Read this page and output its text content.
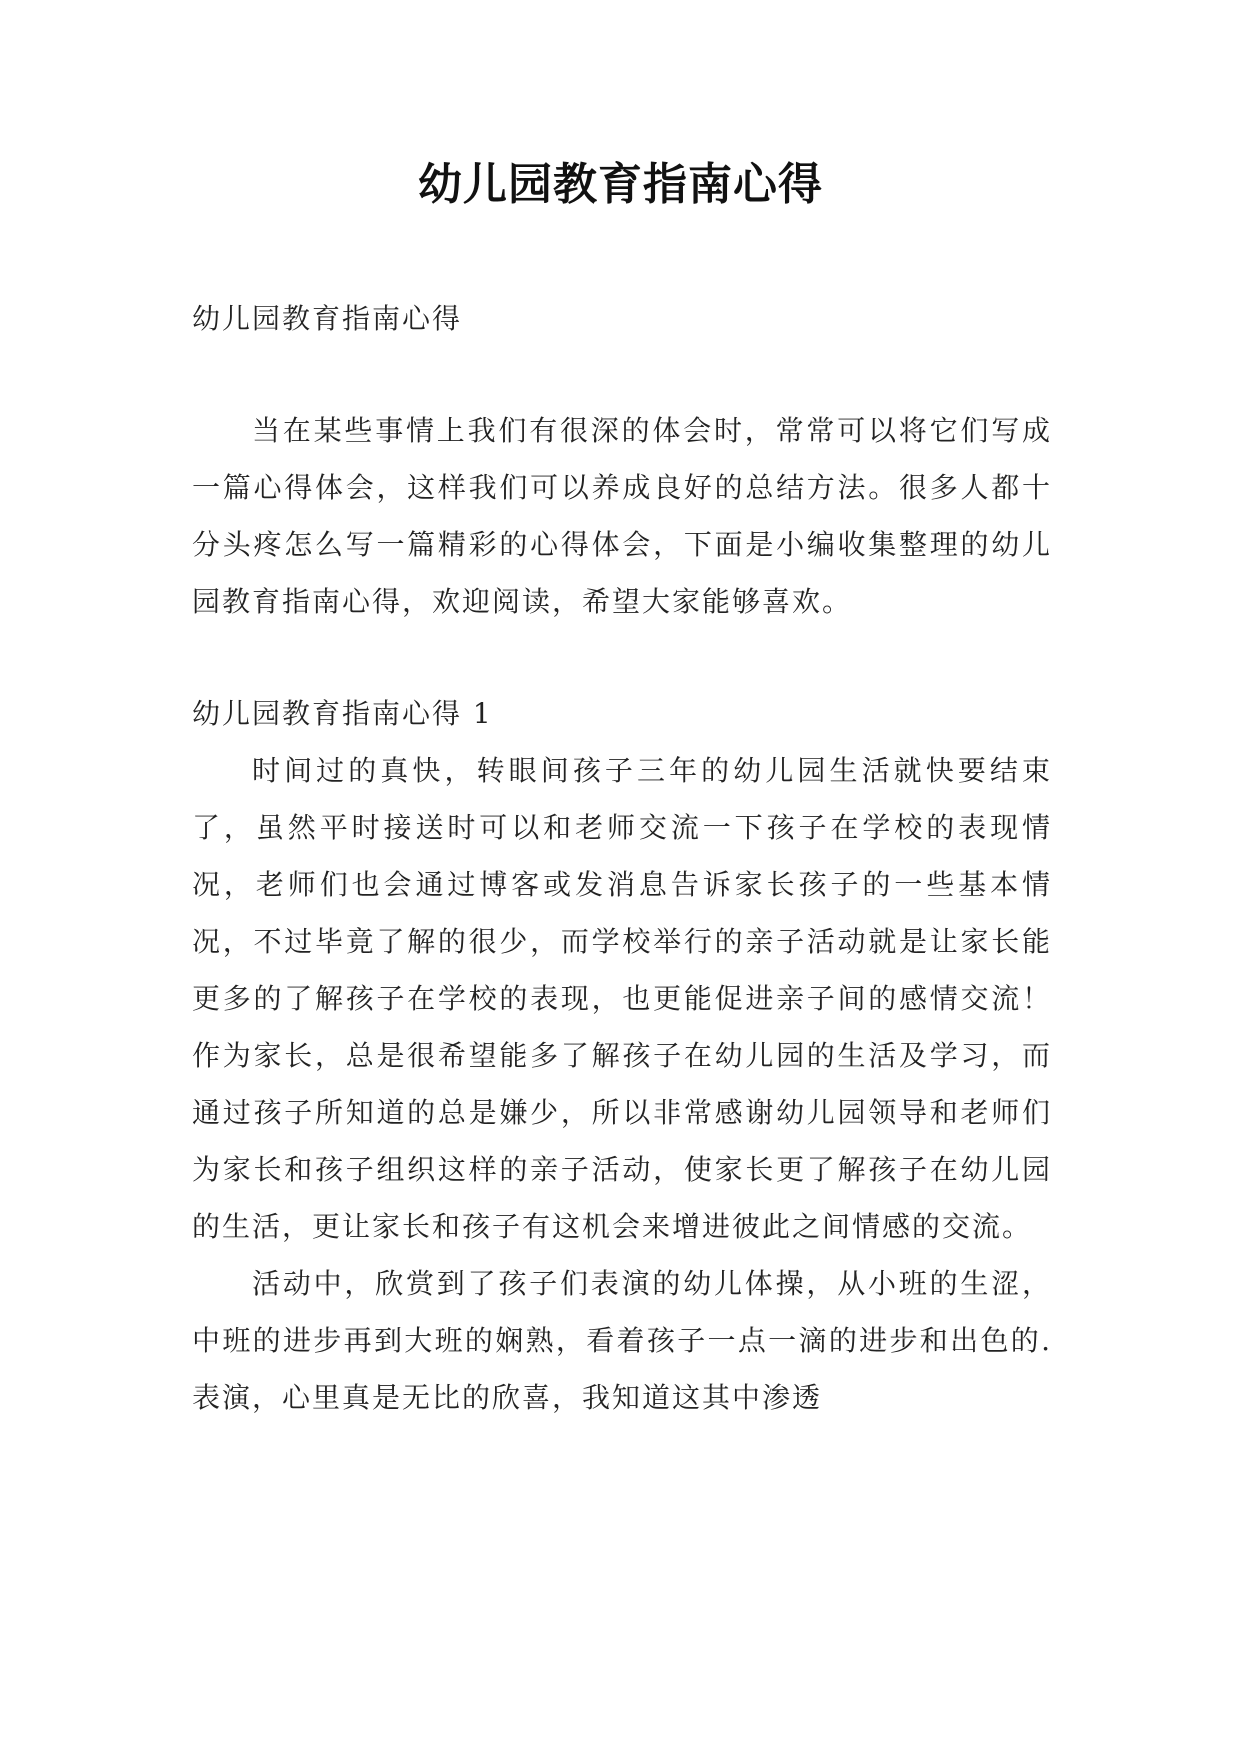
幼儿园教育指南心得

幼儿园教育指南心得

当在某些事情上我们有很深的体会时，常常可以将它们写成一篇心得体会，这样我们可以养成良好的总结方法。很多人都十分头疼怎么写一篇精彩的心得体会，下面是小编收集整理的幼儿园教育指南心得，欢迎阅读，希望大家能够喜欢。

幼儿园教育指南心得 1

时间过的真快，转眼间孩子三年的幼儿园生活就快要结束了，虽然平时接送时可以和老师交流一下孩子在学校的表现情况，老师们也会通过博客或发消息告诉家长孩子的一些基本情况，不过毕竟了解的很少，而学校举行的亲子活动就是让家长能更多的了解孩子在学校的表现，也更能促进亲子间的感情交流！作为家长，总是很希望能多了解孩子在幼儿园的生活及学习，而通过孩子所知道的总是嫌少，所以非常感谢幼儿园领导和老师们为家长和孩子组织这样的亲子活动，使家长更了解孩子在幼儿园的生活，更让家长和孩子有这机会来增进彼此之间情感的交流。

活动中，欣赏到了孩子们表演的幼儿体操，从小班的生涩，中班的进步再到大班的娴熟，看着孩子一点一滴的进步和出色的.表演，心里真是无比的欣喜，我知道这其中渗透
